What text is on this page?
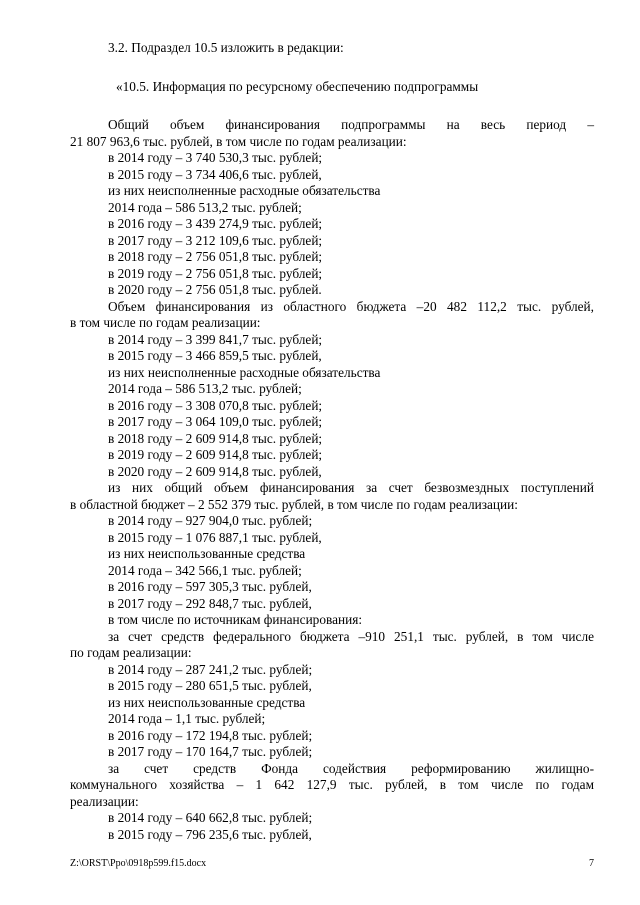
3.2. Подраздел 10.5 изложить в редакции:
«10.5. Информация по ресурсному обеспечению подпрограммы
Общий объем финансирования подпрограммы на весь период –
21 807 963,6 тыс. рублей, в том числе по годам реализации:
в 2014 году – 3 740 530,3 тыс. рублей;
в 2015 году – 3 734 406,6 тыс. рублей,
из них неисполненные расходные обязательства
2014 года – 586 513,2 тыс. рублей;
в 2016 году – 3 439 274,9 тыс. рублей;
в 2017 году – 3 212 109,6 тыс. рублей;
в 2018 году – 2 756 051,8 тыс. рублей;
в 2019 году – 2 756 051,8 тыс. рублей;
в 2020 году – 2 756 051,8 тыс. рублей.
Объем финансирования из областного бюджета –20 482 112,2 тыс. рублей,
в том числе по годам реализации:
в 2014 году – 3 399 841,7 тыс. рублей;
в 2015 году – 3 466 859,5 тыс. рублей,
из них неисполненные расходные обязательства
2014 года – 586 513,2 тыс. рублей;
в 2016 году – 3 308 070,8 тыс. рублей;
в 2017 году – 3 064 109,0 тыс. рублей;
в 2018 году – 2 609 914,8 тыс. рублей;
в 2019 году – 2 609 914,8 тыс. рублей;
в 2020 году – 2 609 914,8 тыс. рублей,
из них общий объем финансирования за счет безвозмездных поступлений
в областной бюджет – 2 552 379 тыс. рублей, в том числе по годам реализации:
в 2014 году – 927 904,0 тыс. рублей;
в 2015 году – 1 076 887,1 тыс. рублей,
из них неиспользованные средства
2014 года – 342 566,1 тыс. рублей;
в 2016 году – 597 305,3 тыс. рублей,
в 2017 году – 292 848,7 тыс. рублей,
в том числе по источникам финансирования:
за счет средств федерального бюджета –910 251,1 тыс. рублей, в том числе
по годам реализации:
в 2014 году – 287 241,2 тыс. рублей;
в 2015 году – 280 651,5 тыс. рублей,
из них неиспользованные средства
2014 года – 1,1 тыс. рублей;
в 2016 году – 172 194,8 тыс. рублей;
в 2017 году – 170 164,7 тыс. рублей;
за счет средств Фонда содействия реформированию жилищно-
коммунального хозяйства – 1 642 127,9 тыс. рублей, в том числе по годам
реализации:
в 2014 году – 640 662,8 тыс. рублей;
в 2015 году – 796 235,6 тыс. рублей,
Z:\ORST\Ppo\0918p599.f15.docx	7
